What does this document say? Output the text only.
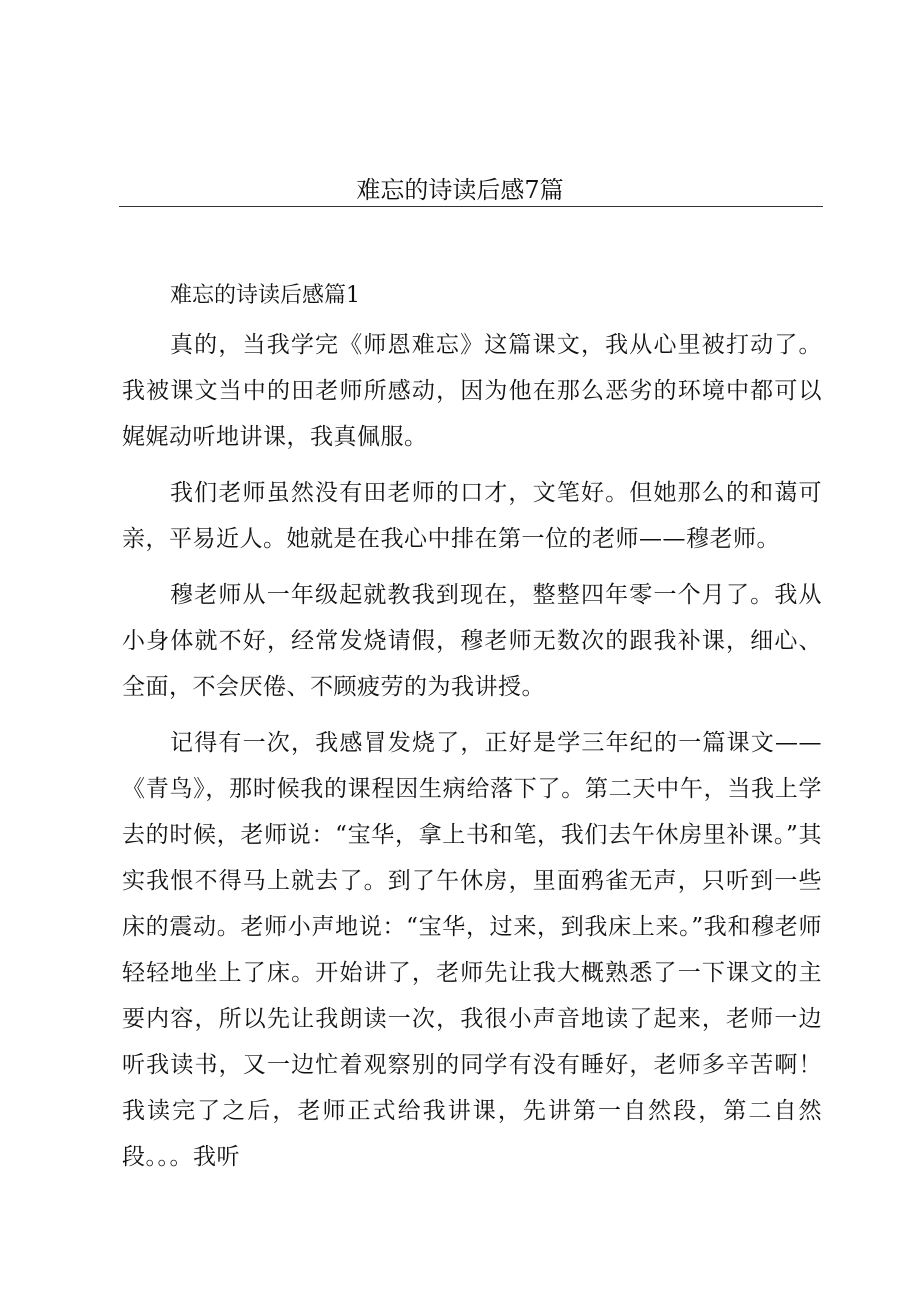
难忘的诗读后感7篇
难忘的诗读后感篇1

真的，当我学完《师恩难忘》这篇课文，我从心里被打动了。我被课文当中的田老师所感动，因为他在那么恶劣的环境中都可以娓娓动听地讲课，我真佩服。

我们老师虽然没有田老师的口才，文笔好。但她那么的和蔼可亲，平易近人。她就是在我心中排在第一位的老师——穆老师。

穆老师从一年级起就教我到现在，整整四年零一个月了。我从小身体就不好，经常发烧请假，穆老师无数次的跟我补课，细心、全面，不会厌倦、不顾疲劳的为我讲授。

记得有一次，我感冒发烧了，正好是学三年纪的一篇课文——《青鸟》，那时候我的课程因生病给落下了。第二天中午，当我上学去的时候，老师说：“宝华，拿上书和笔，我们去午休房里补课。”其实我恨不得马上就去了。到了午休房，里面鸦雀无声，只听到一些床的震动。老师小声地说：“宝华，过来，到我床上来。”我和穆老师轻轻地坐上了床。开始讲了，老师先让我大概熟悉了一下课文的主要内容，所以先让我朗读一次，我很小声音地读了起来，老师一边听我读书，又一边忙着观察别的同学有没有睡好，老师多辛苦啊！我读完了之后，老师正式给我讲课，先讲第一自然段，第二自然段。。。我听
